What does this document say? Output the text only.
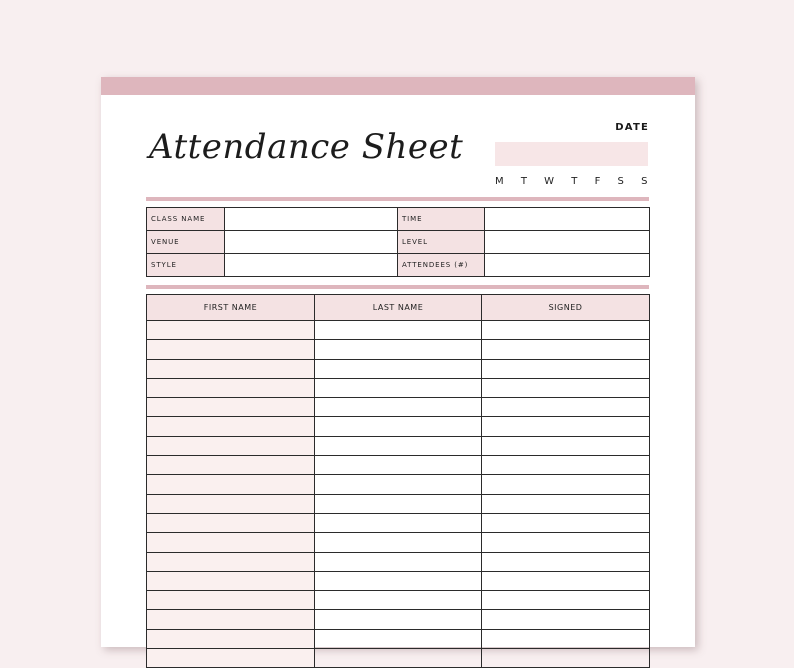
Attendance Sheet	DATE
M T W T F S S
CLASS NAME		TIME	
VENUE		LEVEL	
STYLE		ATTENDEES (#)	
FIRST NAME	LAST NAME	SIGNED
